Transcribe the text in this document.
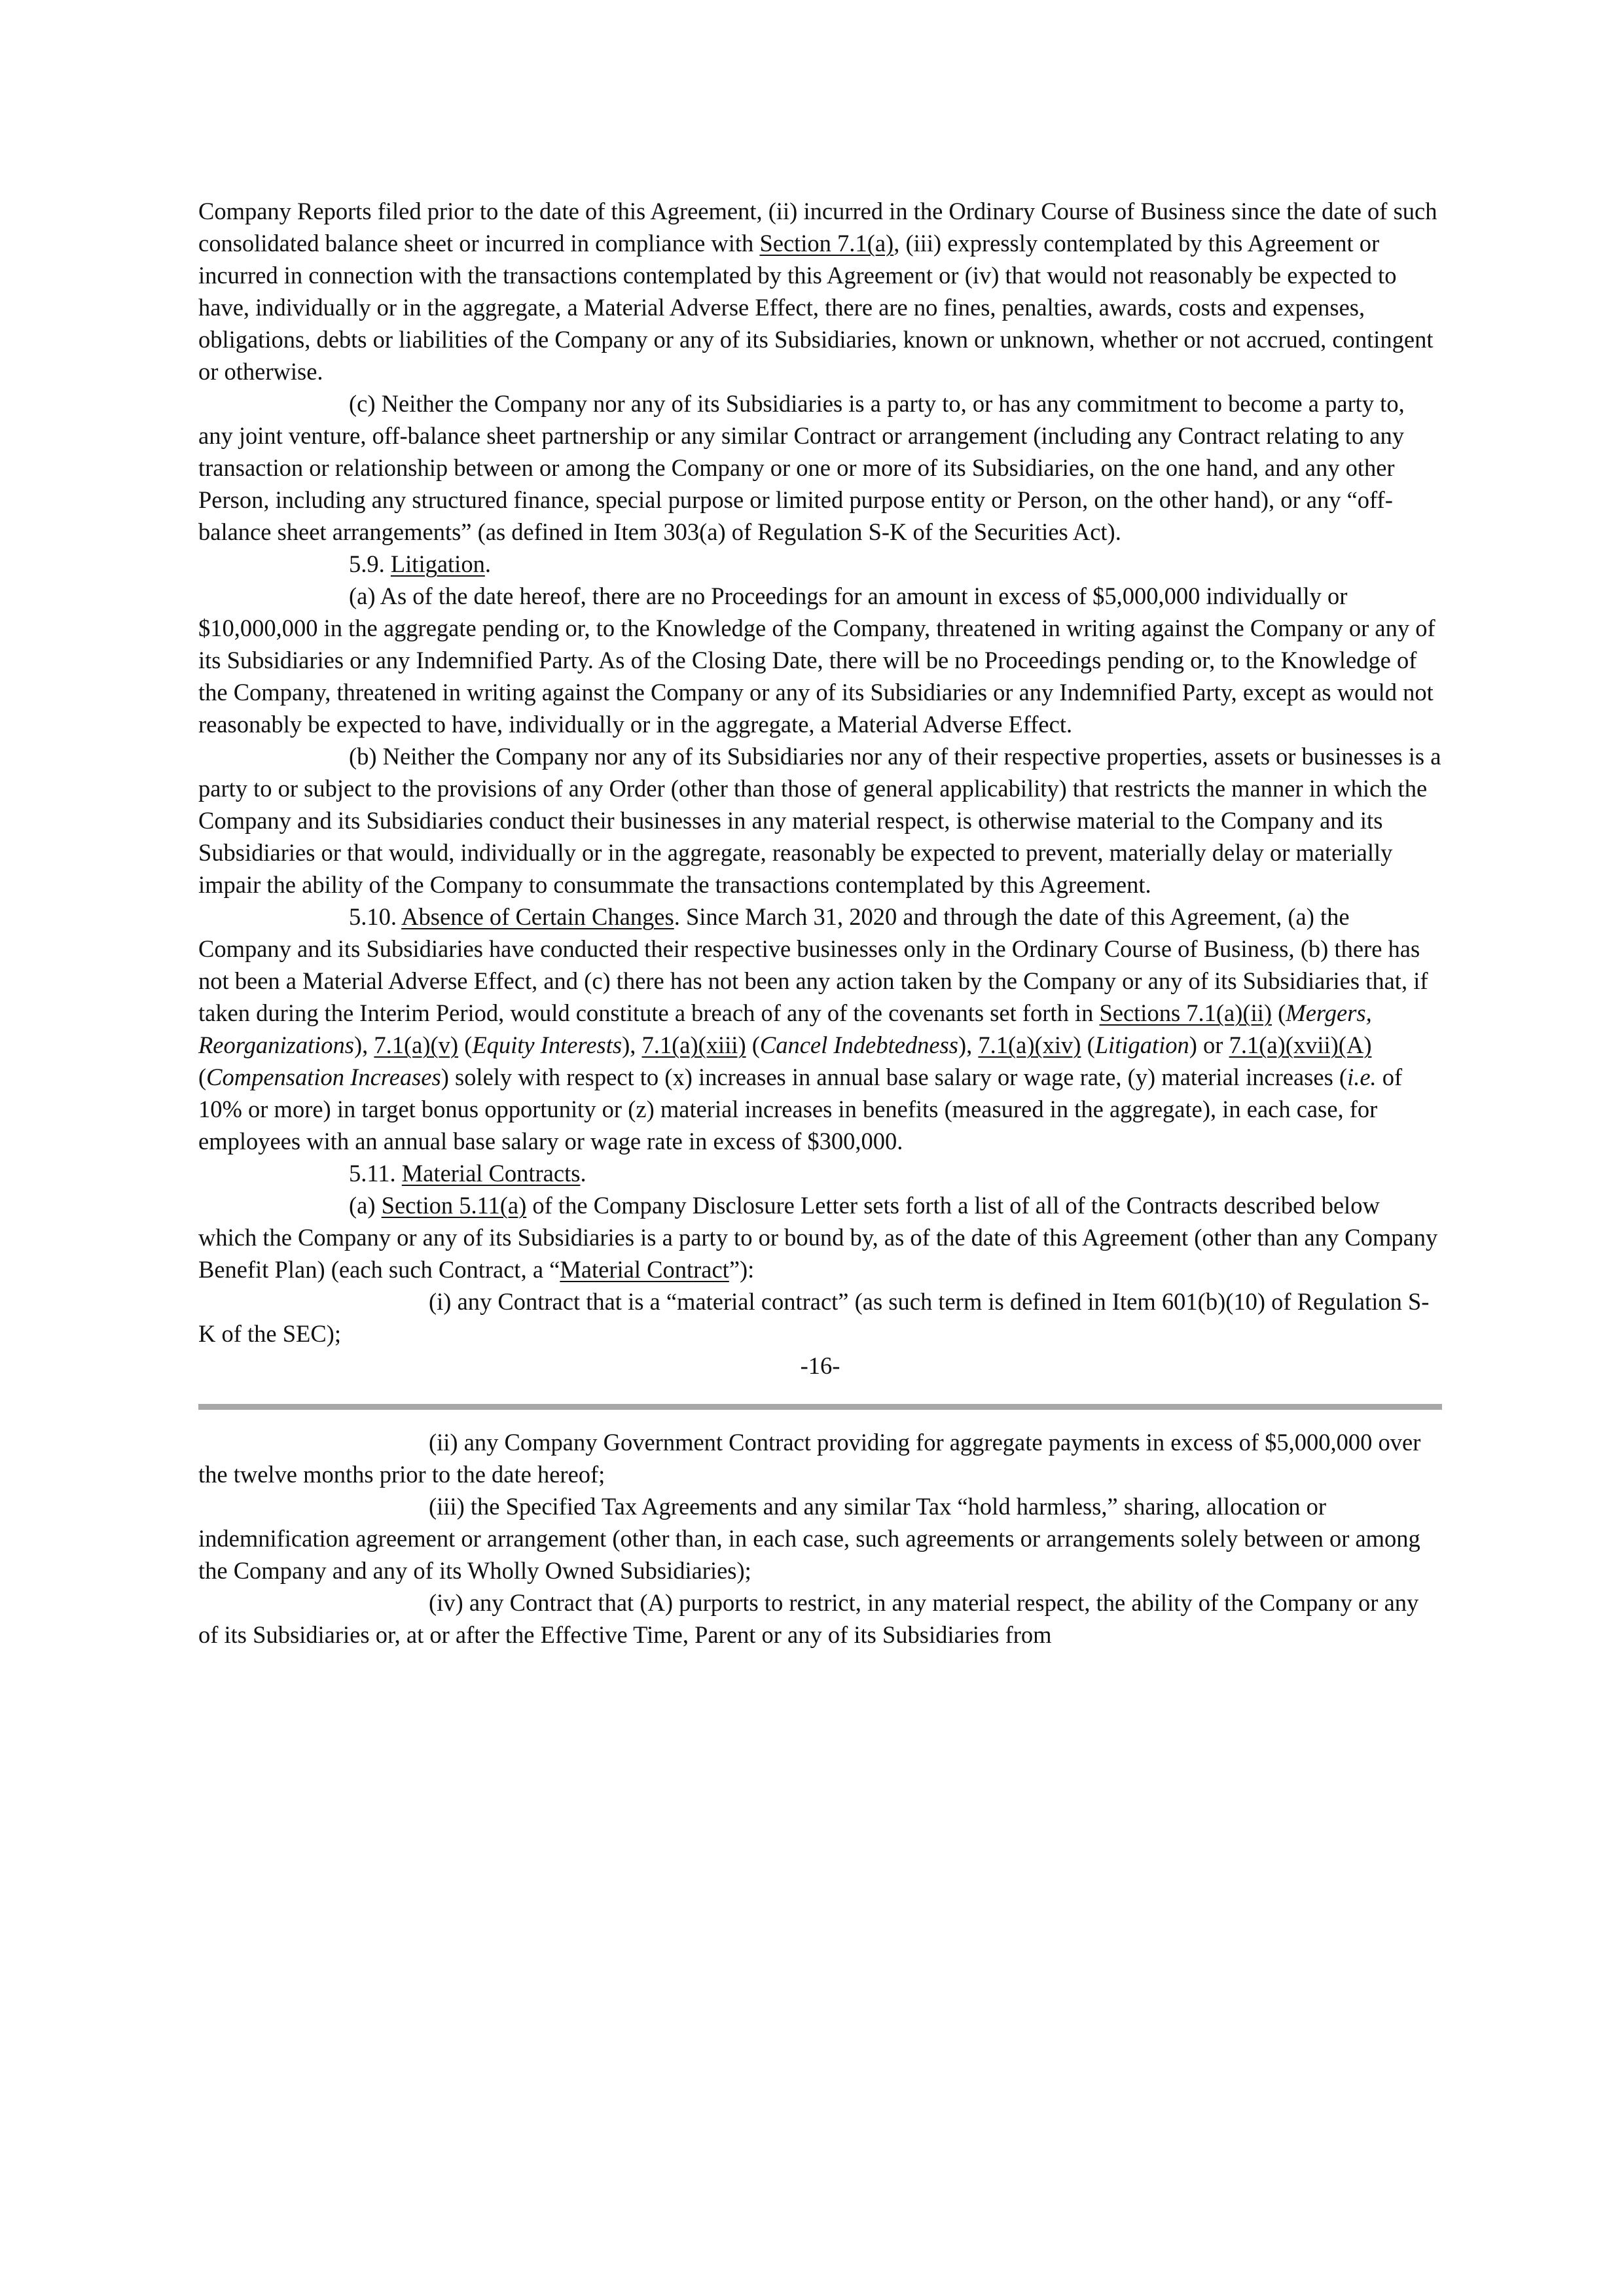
Company Reports filed prior to the date of this Agreement, (ii) incurred in the Ordinary Course of Business since the date of such consolidated balance sheet or incurred in compliance with Section 7.1(a), (iii) expressly contemplated by this Agreement or incurred in connection with the transactions contemplated by this Agreement or (iv) that would not reasonably be expected to have, individually or in the aggregate, a Material Adverse Effect, there are no fines, penalties, awards, costs and expenses, obligations, debts or liabilities of the Company or any of its Subsidiaries, known or unknown, whether or not accrued, contingent or otherwise.

(c) Neither the Company nor any of its Subsidiaries is a party to, or has any commitment to become a party to, any joint venture, off-balance sheet partnership or any similar Contract or arrangement (including any Contract relating to any transaction or relationship between or among the Company or one or more of its Subsidiaries, on the one hand, and any other Person, including any structured finance, special purpose or limited purpose entity or Person, on the other hand), or any “off-balance sheet arrangements” (as defined in Item 303(a) of Regulation S-K of the Securities Act).

5.9. Litigation.

(a) As of the date hereof, there are no Proceedings for an amount in excess of $5,000,000 individually or $10,000,000 in the aggregate pending or, to the Knowledge of the Company, threatened in writing against the Company or any of its Subsidiaries or any Indemnified Party. As of the Closing Date, there will be no Proceedings pending or, to the Knowledge of the Company, threatened in writing against the Company or any of its Subsidiaries or any Indemnified Party, except as would not reasonably be expected to have, individually or in the aggregate, a Material Adverse Effect.

(b) Neither the Company nor any of its Subsidiaries nor any of their respective properties, assets or businesses is a party to or subject to the provisions of any Order (other than those of general applicability) that restricts the manner in which the Company and its Subsidiaries conduct their businesses in any material respect, is otherwise material to the Company and its Subsidiaries or that would, individually or in the aggregate, reasonably be expected to prevent, materially delay or materially impair the ability of the Company to consummate the transactions contemplated by this Agreement.

5.10. Absence of Certain Changes. Since March 31, 2020 and through the date of this Agreement, (a) the Company and its Subsidiaries have conducted their respective businesses only in the Ordinary Course of Business, (b) there has not been a Material Adverse Effect, and (c) there has not been any action taken by the Company or any of its Subsidiaries that, if taken during the Interim Period, would constitute a breach of any of the covenants set forth in Sections 7.1(a)(ii) (Mergers, Reorganizations), 7.1(a)(v) (Equity Interests), 7.1(a)(xiii) (Cancel Indebtedness), 7.1(a)(xiv) (Litigation) or 7.1(a)(xvii)(A) (Compensation Increases) solely with respect to (x) increases in annual base salary or wage rate, (y) material increases (i.e. of 10% or more) in target bonus opportunity or (z) material increases in benefits (measured in the aggregate), in each case, for employees with an annual base salary or wage rate in excess of $300,000.

5.11. Material Contracts.

(a) Section 5.11(a) of the Company Disclosure Letter sets forth a list of all of the Contracts described below which the Company or any of its Subsidiaries is a party to or bound by, as of the date of this Agreement (other than any Company Benefit Plan) (each such Contract, a “Material Contract”):

(i) any Contract that is a “material contract” (as such term is defined in Item 601(b)(10) of Regulation S-K of the SEC);

-16-

(ii) any Company Government Contract providing for aggregate payments in excess of $5,000,000 over the twelve months prior to the date hereof;

(iii) the Specified Tax Agreements and any similar Tax “hold harmless,” sharing, allocation or indemnification agreement or arrangement (other than, in each case, such agreements or arrangements solely between or among the Company and any of its Wholly Owned Subsidiaries);

(iv) any Contract that (A) purports to restrict, in any material respect, the ability of the Company or any of its Subsidiaries or, at or after the Effective Time, Parent or any of its Subsidiaries from
